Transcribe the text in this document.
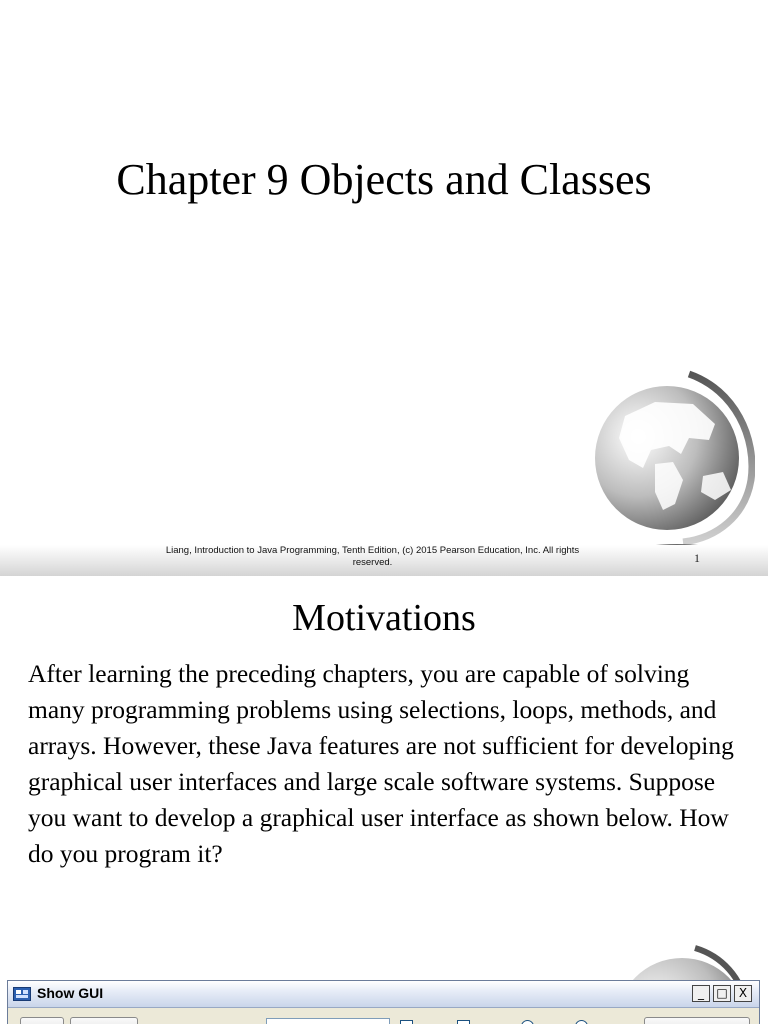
Chapter 9 Objects and Classes
Liang, Introduction to Java Programming, Tenth Edition, (c) 2015 Pearson Education, Inc. All rights reserved.	1
Motivations

After learning the preceding chapters, you are capable of solving many programming problems using selections, loops, methods, and arrays. However, these Java features are not sufficient for developing graphical user interfaces and large scale software systems. Suppose you want to develop a graphical user interface as shown below. How do you program it?

Show GUI	_	□ X
